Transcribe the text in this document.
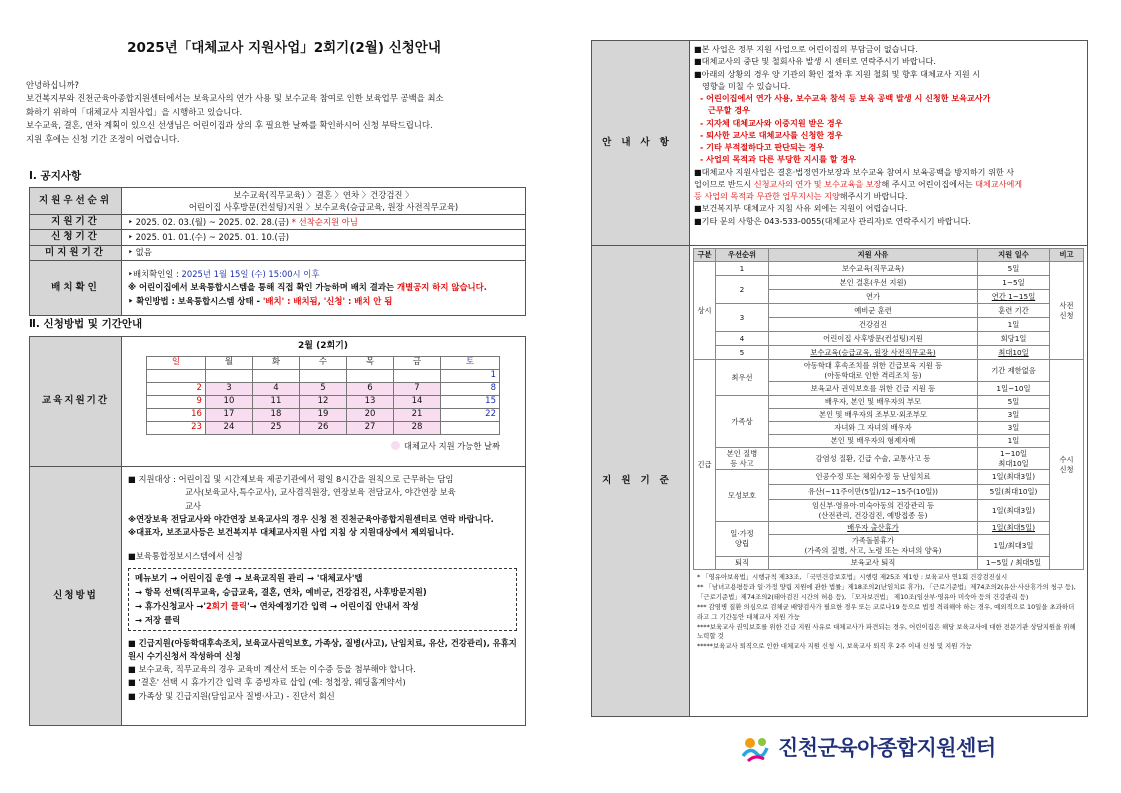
2025년「대체교사 지원사업」2회기(2월) 신청안내
안녕하십니까?
보건복지부와 진천군육아종합지원센터에서는 보육교사의 연가 사용 및 보수교육 참여로 인한 보육업무 공백을 최소
화하기 위하여「대체교사 지원사업」을 시행하고 있습니다.
보수교육, 결혼, 연차 계획이 있으신 선생님은 어린이집과 상의 후 필요한 날짜를 확인하시어 신청 부탁드립니다.
지원 후에는 신청 기간 조정이 어렵습니다.
Ⅰ. 공지사항
지원우선순위	보수교육(직무교육) 〉결혼 〉연차 〉건강검진 〉
어린이집 사후방문(컨설팅)지원 〉보수교육(승급교육, 원장 사전직무교육)

지원기간	‣ 2025. 02. 03.(월) ~ 2025. 02. 28.(금) * 선착순지원 아님
신청기간	‣ 2025. 01. 01.(수) ~ 2025. 01. 10.(금)
미지원기간	‣ 없음
배치확인	‣배치확인일 : 2025년 1월 15일 (수) 15:00시 이후
※ 어린이집에서 보육통합시스템을 통해 직접 확인 가능하며 배치 결과는 개별공지 하지 않습니다.
‣ 확인방법 : 보육통합시스템 상태 - '배치' : 배치됨, '신청' : 배치 안 됨
Ⅱ. 신청방법 및 기간안내
교육지원기간	
2월 (2회기)
일	월	화	수	목	금	토
						1
2	3	4	5	6	7	8
9	10	11	12	13	14	15
16	17	18	19	20	21	22
23	24	25	26	27	28	
대체교사 지원 가능한 날짜

신청방법	
■ 지원대상 : 어린이집 및 시간제보육 제공기관에서 평일 8시간을 원칙으로 근무하는 담임
교사(보육교사,특수교사), 교사겸직원장, 연장보육 전담교사, 야간연장 보육
교사
※연장보육 전담교사와 야간연장 보육교사의 경우 신청 전 진천군육아종합지원센터로 연락 바랍니다.
※대표자, 보조교사등은 보건복지부 대체교사지원 사업 지침 상 지원대상에서 제외됩니다.
■보육통합정보시스템에서 신청
메뉴보기 → 어린이집 운영 → 보육교직원 관리 → '대체교사'탭
→ 항목 선택(직무교육, 승급교육, 결혼, 연차, 예비군, 건강검진, 사후방문지원)
→ 휴가신청교사 →'2회기 클릭'→ 연차예정기간 입력 → 어린이집 안내서 작성
→ 저장 클릭
■ 긴급지원(아동학대후속조치, 보육교사권익보호, 가족상, 질병(사고), 난임치료, 유산, 건강관리), 유휴지원시 수기신청서 작성하여 신청
■ 보수교육, 직무교육의 경우 교육비 계산서 또는 이수증 등을 첨부해야 합니다.
■ '결혼' 선택 시 휴가기간 입력 후 증빙자료 삽입 (예: 청첩장, 웨딩홀계약서)
■ 가족상 및 긴급지원(담임교사 질병·사고) - 진단서 회신
안내사항	
■본 사업은 정부 지원 사업으로 어린이집의 부담금이 없습니다.
■대체교사의 중단 및 철회사유 발생 시 센터로 연락주시기 바랍니다.
■아래의 상황의 경우 양 기관의 확인 절차 후 지원 철회 및 향후 대체교사 지원 시
영향을 미칠 수 있습니다.
- 어린이집에서 연가 사용, 보수교육 참석 등 보육 공백 발생 시 신청한 보육교사가
근무할 경우
- 지자체 대체교사와 이중지원 받은 경우
- 퇴사한 교사로 대체교사를 신청한 경우
- 기타 부적절하다고 판단되는 경우
- 사업의 목적과 다른 부당한 지시를 할 경우
■대체교사 지원사업은 결혼·법정연가보장과 보수교육 참여시 보육공백을 방지하기 위한 사
업이므로 반드시 신청교사의 연가 및 보수교육을 보장해 주시고 어린이집에서는 대체교사에게
등 사업의 목적과 무관한 업무지시는 지양해주시기 바랍니다.
■보건복지부 대체교사 지침 사유 외에는 지원이 어렵습니다.
■기타 문의 사항은 043-533-0055(대체교사 관리자)로 연락주시기 바랍니다.

지원기준	
구분	우선순위	지원 사유	지원 일수	비고
상시	1	보수교육(직무교육)	5일	사전
신청
2	본인 결혼(우선 지원)	1~5일
연가	연간 1~15일
3	예비군 훈련	훈련 기간
건강검진	1일
4	어린이집 사후방문(컨설팅)지원	회당1일
5	보수교육(승급교육, 원장 사전직무교육)	최대10일
긴급	최우선	아동학대 후속조치를 위한 긴급보육 지원 등
(아동학대로 인한 격리조치 등)	기간 제한없음	수시
신청
보육교사 권익보호를 위한 긴급 지원 등	1일~10일
가족상	배우자, 본인 및 배우자의 부모	5일
본인 및 배우자의 조부모·외조부모	3일
자녀와 그 자녀의 배우자	3일
본인 및 배우자의 형제자매	1일
본인 질병
등 사고	감염성 질환, 긴급 수술, 교통사고 등	1~10일
최대10일
모성보호	인공수정 또는 체외수정 등 난임치료	1일(최대3일)
유산(~11주이만(5일)/12~15주(10일))	5일(최대10일)
임신부·영유아·미숙아동의 건강관리 등
(산전관리, 건강검진, 예방접종 등)	1일(최대3일)
일·가정
양립	배우자 출산휴가	1일(최대5일)
가족돌봄휴가
(가족의 질병, 사고, 노령 또는 자녀의 양육)	1일/최대3일
퇴직	보육교사 퇴직	1~5일 / 최대5일
* 「영유아보육법」시행규칙 제33조, 「국민건강보호법」시행령 제25조 제1항 : 보육교사 연1회 건강검진실시
** 「남녀고용평등과 일·가정 양립 지원에 관한 법률」제18조의2(난임치료 휴가), 「근로기준법」제74조의2(유산·사산휴가의 청구 등), 「근로기준법」제74조의2(태아검진 시간의 허용 등), 「모자보건법」 제10조(임산부·영유아 미숙아 등의 건강관리 등)
*** 감염병 질환 의심으로 검체균 배양검사가 필요한 경우 또는 코로나19 등으로 법정 격리해야 하는 경우, 예외적으로 10일을 초과하더라고 그 기간동안 대체교사 지원 가능
****보육교사 권익보호를 위한 긴급 지원 사유로 대체교사가 파견되는 경우, 어린이집은 해당 보육교사에 대한 전문기관 상담지원을 위해 노력할 것
*****보육교사 퇴직으로 인한 대체교사 지원 신청 시, 보육교사 퇴직 후 2주 이내 신청 및 지원 가능
진천군육아종합지원센터
